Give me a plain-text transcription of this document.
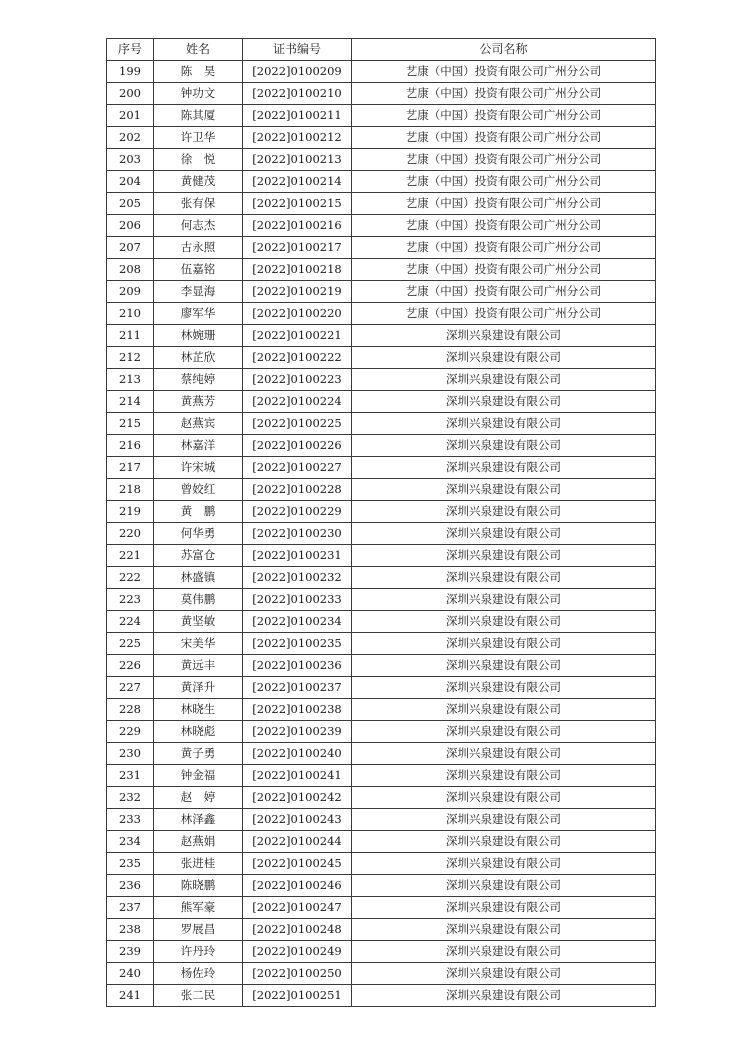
序号	姓名	证书编号	公司名称
199	陈　昊	[2022]0100209	艺康（中国）投资有限公司广州分公司
200	钟功文	[2022]0100210	艺康（中国）投资有限公司广州分公司
201	陈其厦	[2022]0100211	艺康（中国）投资有限公司广州分公司
202	许卫华	[2022]0100212	艺康（中国）投资有限公司广州分公司
203	徐　悦	[2022]0100213	艺康（中国）投资有限公司广州分公司
204	黄健茂	[2022]0100214	艺康（中国）投资有限公司广州分公司
205	张有保	[2022]0100215	艺康（中国）投资有限公司广州分公司
206	何志杰	[2022]0100216	艺康（中国）投资有限公司广州分公司
207	古永照	[2022]0100217	艺康（中国）投资有限公司广州分公司
208	伍嘉铭	[2022]0100218	艺康（中国）投资有限公司广州分公司
209	李显海	[2022]0100219	艺康（中国）投资有限公司广州分公司
210	廖军华	[2022]0100220	艺康（中国）投资有限公司广州分公司
211	林婉珊	[2022]0100221	深圳兴泉建设有限公司
212	林芷欣	[2022]0100222	深圳兴泉建设有限公司
213	蔡纯婷	[2022]0100223	深圳兴泉建设有限公司
214	黄燕芳	[2022]0100224	深圳兴泉建设有限公司
215	赵燕宾	[2022]0100225	深圳兴泉建设有限公司
216	林嘉洋	[2022]0100226	深圳兴泉建设有限公司
217	许宋城	[2022]0100227	深圳兴泉建设有限公司
218	曾姣红	[2022]0100228	深圳兴泉建设有限公司
219	黄　鹏	[2022]0100229	深圳兴泉建设有限公司
220	何华勇	[2022]0100230	深圳兴泉建设有限公司
221	苏富仓	[2022]0100231	深圳兴泉建设有限公司
222	林盛镇	[2022]0100232	深圳兴泉建设有限公司
223	莫伟鹏	[2022]0100233	深圳兴泉建设有限公司
224	黄坚敏	[2022]0100234	深圳兴泉建设有限公司
225	宋美华	[2022]0100235	深圳兴泉建设有限公司
226	黄远丰	[2022]0100236	深圳兴泉建设有限公司
227	黄泽升	[2022]0100237	深圳兴泉建设有限公司
228	林晓生	[2022]0100238	深圳兴泉建设有限公司
229	林晓彪	[2022]0100239	深圳兴泉建设有限公司
230	黄子勇	[2022]0100240	深圳兴泉建设有限公司
231	钟金福	[2022]0100241	深圳兴泉建设有限公司
232	赵　婷	[2022]0100242	深圳兴泉建设有限公司
233	林泽鑫	[2022]0100243	深圳兴泉建设有限公司
234	赵燕娟	[2022]0100244	深圳兴泉建设有限公司
235	张进桂	[2022]0100245	深圳兴泉建设有限公司
236	陈晓鹏	[2022]0100246	深圳兴泉建设有限公司
237	熊军豪	[2022]0100247	深圳兴泉建设有限公司
238	罗展昌	[2022]0100248	深圳兴泉建设有限公司
239	许丹玲	[2022]0100249	深圳兴泉建设有限公司
240	杨佐玲	[2022]0100250	深圳兴泉建设有限公司
241	张二民	[2022]0100251	深圳兴泉建设有限公司
